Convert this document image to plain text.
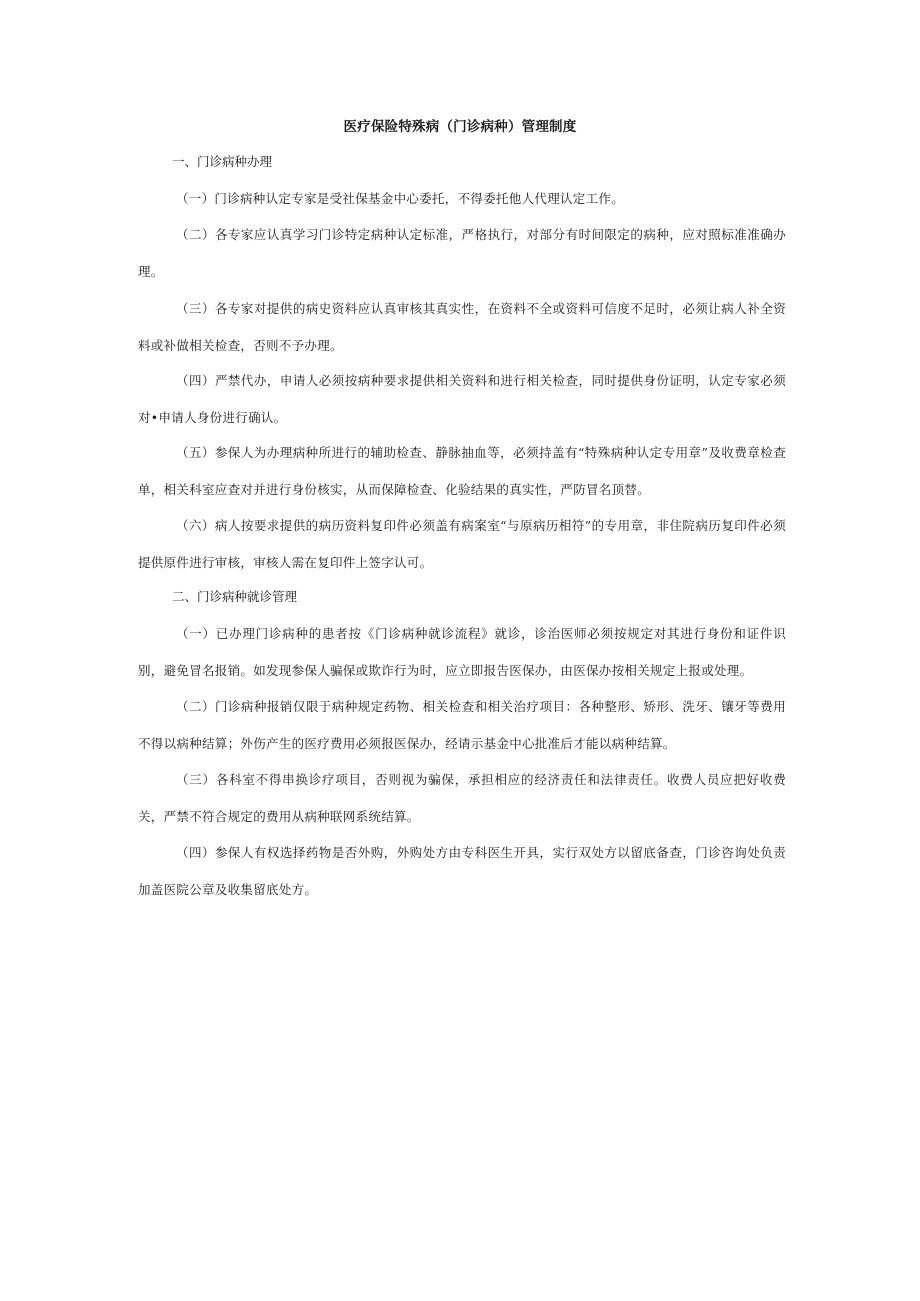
医疗保险特殊病（门诊病种）管理制度
一、门诊病种办理
（一）门诊病种认定专家是受社保基金中心委托，不得委托他人代理认定工作。
（二）各专家应认真学习门诊特定病种认定标准，严格执行，对部分有时间限定的病种，应对照标准准确办理。
（三）各专家对提供的病史资料应认真审核其真实性，在资料不全或资料可信度不足时，必须让病人补全资料或补做相关检查，否则不予办理。
（四）严禁代办，申请人必须按病种要求提供相关资料和进行相关检查，同时提供身份证明，认定专家必须对•申请人身份进行确认。
（五）参保人为办理病种所进行的辅助检查、静脉抽血等，必须持盖有“特殊病种认定专用章”及收费章检查单，相关科室应查对并进行身份核实，从而保障检查、化验结果的真实性，严防冒名顶替。
（六）病人按要求提供的病历资料复印件必须盖有病案室“与原病历相符”的专用章，非住院病历复印件必须提供原件进行审核，审核人需在复印件上签字认可。
二、门诊病种就诊管理
（一）已办理门诊病种的患者按《门诊病种就诊流程》就诊，诊治医师必须按规定对其进行身份和证件识别，避免冒名报销。如发现参保人骗保或欺诈行为时，应立即报告医保办，由医保办按相关规定上报或处理。
（二）门诊病种报销仅限于病种规定药物、相关检查和相关治疗项目：各种整形、矫形、洗牙、镶牙等费用不得以病种结算；外伤产生的医疗费用必须报医保办，经请示基金中心批准后才能以病种结算。
（三）各科室不得串换诊疗项目，否则视为骗保，承担相应的经济责任和法律责任。收费人员应把好收费关，严禁不符合规定的费用从病种联网系统结算。
（四）参保人有权选择药物是否外购，外购处方由专科医生开具，实行双处方以留底备查，门诊咨询处负责加盖医院公章及收集留底处方。
